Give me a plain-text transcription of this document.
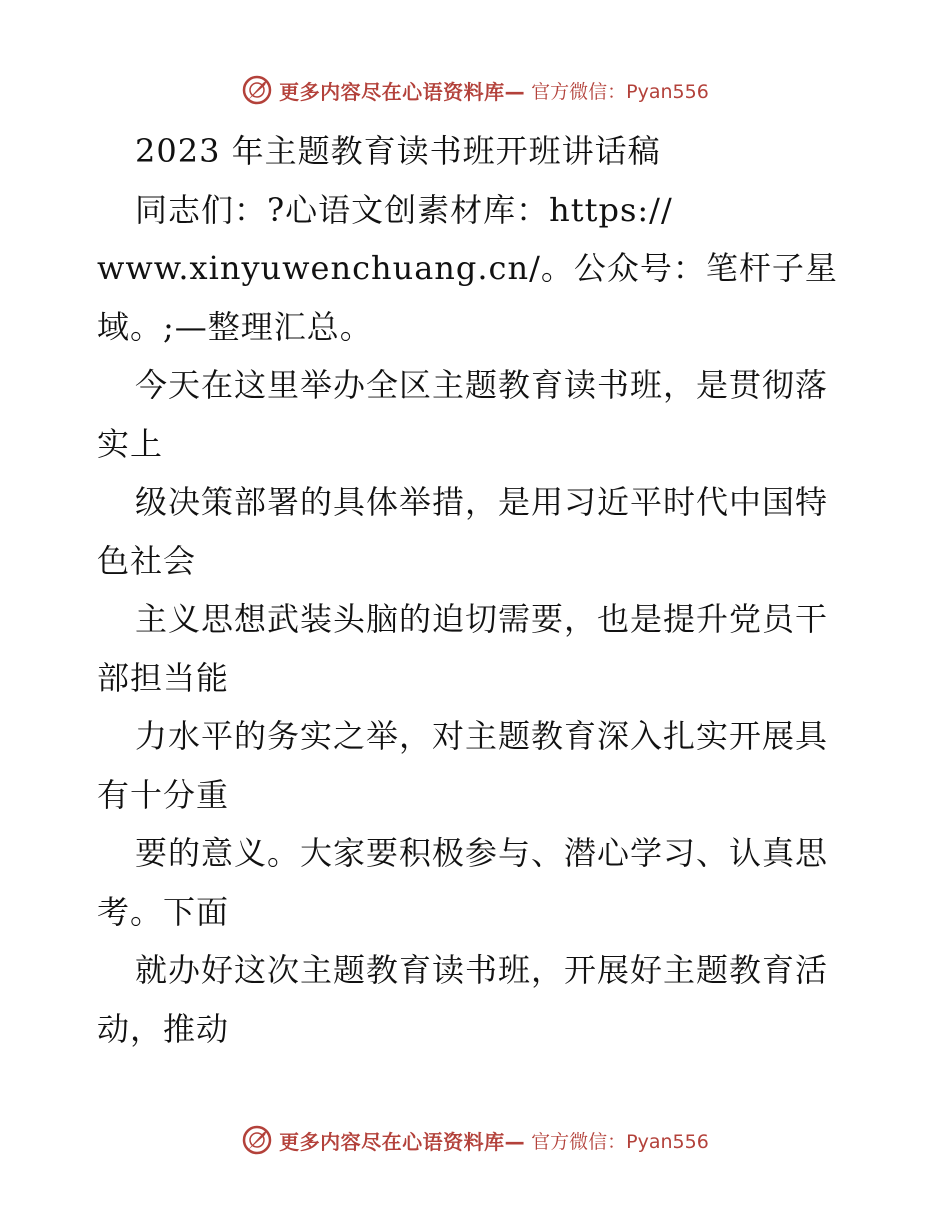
更多内容尽在心语资料库— 官方微信：Pyan556
2023 年主题教育读书班开班讲话稿
同志们：?心语文创素材库：https://
www.xinyuwenchuang.cn/。公众号：笔杆子星
域。;—整理汇总。
今天在这里举办全区主题教育读书班，是贯彻落
实上
级决策部署的具体举措，是用习近平时代中国特
色社会
主义思想武装头脑的迫切需要，也是提升党员干
部担当能
力水平的务实之举，对主题教育深入扎实开展具
有十分重
要的意义。大家要积极参与、潜心学习、认真思
考。下面
就办好这次主题教育读书班，开展好主题教育活
动，推动
更多内容尽在心语资料库— 官方微信：Pyan556
